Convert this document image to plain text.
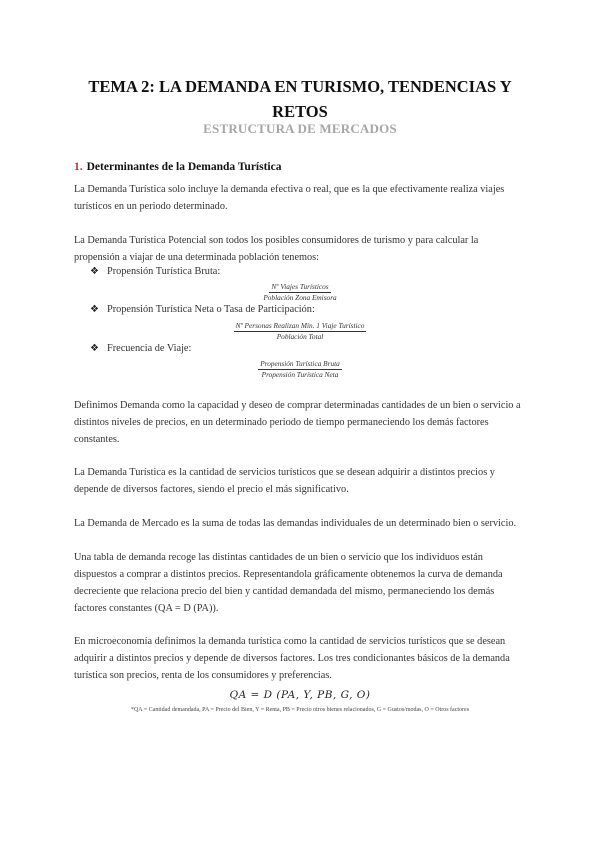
TEMA 2: LA DEMANDA EN TURISMO, TENDENCIAS Y
RETOS
ESTRUCTURA DE MERCADOS
1. Determinantes de la Demanda Turística

La Demanda Turística solo incluye la demanda efectiva o real, que es la que efectivamente realiza viajes

turísticos en un periodo determinado.

La Demanda Turística Potencial son todos los posibles consumidores de turismo y para calcular la

propensión a viajar de una determinada población tenemos:

❖ Propensión Turística Bruta:
Nº Viajes Turísticos
Población Zona Emisora
❖ Propensión Turística Neta o Tasa de Participación:
Nº Personas Realizan Mín. 1 Viaje Turístico
Población Total
❖ Frecuencia de Viaje:
Propensión Turística Bruta
Propensión Turística Neta

Definimos Demanda como la capacidad y deseo de comprar determinadas cantidades de un bien o servicio a

distintos niveles de precios, en un determinado periodo de tiempo permaneciendo los demás factores

constantes.

La Demanda Turística es la cantidad de servicios turísticos que se desean adquirir a distintos precios y

depende de diversos factores, siendo el precio el más significativo.

La Demanda de Mercado es la suma de todas las demandas individuales de un determinado bien o servicio.

Una tabla de demanda recoge las distintas cantidades de un bien o servicio que los individuos están

dispuestos a comprar a distintos precios. Representandola gráficamente obtenemos la curva de demanda

decreciente que relaciona precio del bien y cantidad demandada del mismo, permaneciendo los demás

factores constantes (QA = D (PA)).

En microeconomía definimos la demanda turística como la cantidad de servicios turísticos que se desean

adquirir a distintos precios y depende de diversos factores. Los tres condicionantes básicos de la demanda

turística son precios, renta de los consumidores y preferencias.

QA = D (PA, Y, PB, G, O)
*QA = Cantidad demandada, PA = Precio del Bien, Y = Renta, PB = Precio otros bienes relacionados, G = Gustos/modas, O = Otros factores
